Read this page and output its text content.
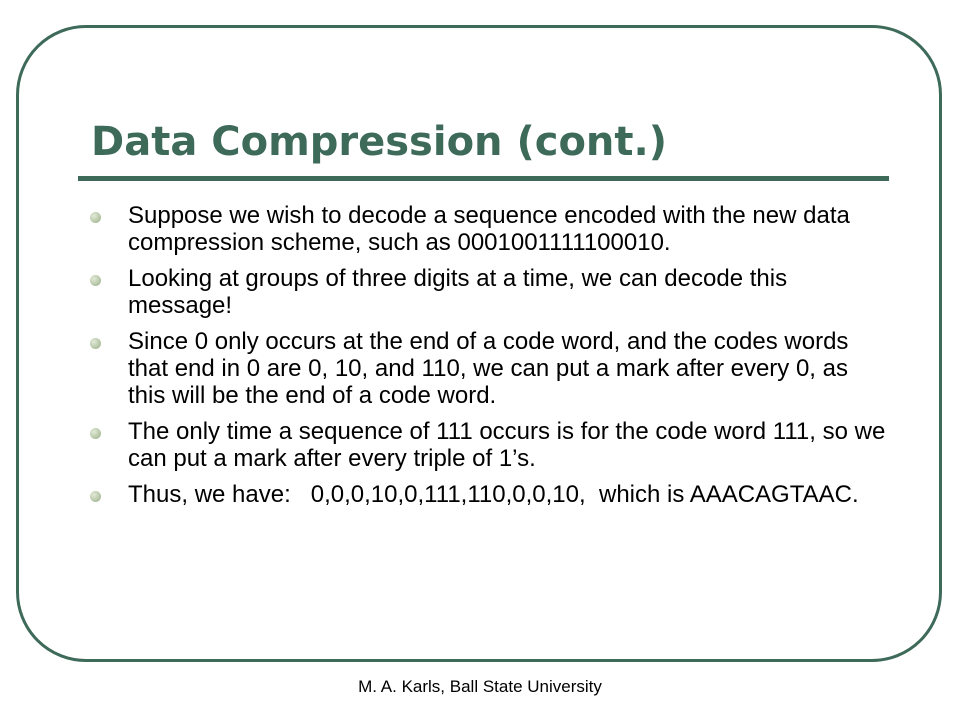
Data Compression (cont.)
Suppose we wish to decode a sequence encoded with the new data compression scheme, such as 0001001111100010.
Looking at groups of three digits at a time, we can decode this message!
Since 0 only occurs at the end of a code word, and the codes words that end in 0 are 0, 10, and 110, we can put a mark after every 0, as this will be the end of a code word.
The only time a sequence of 111 occurs is for the code word 111, so we can put a mark after every triple of 1’s.
Thus, we have:   0,0,0,10,0,111,110,0,0,10,  which is AAACAGTAAC.
M. A. Karls, Ball State University
